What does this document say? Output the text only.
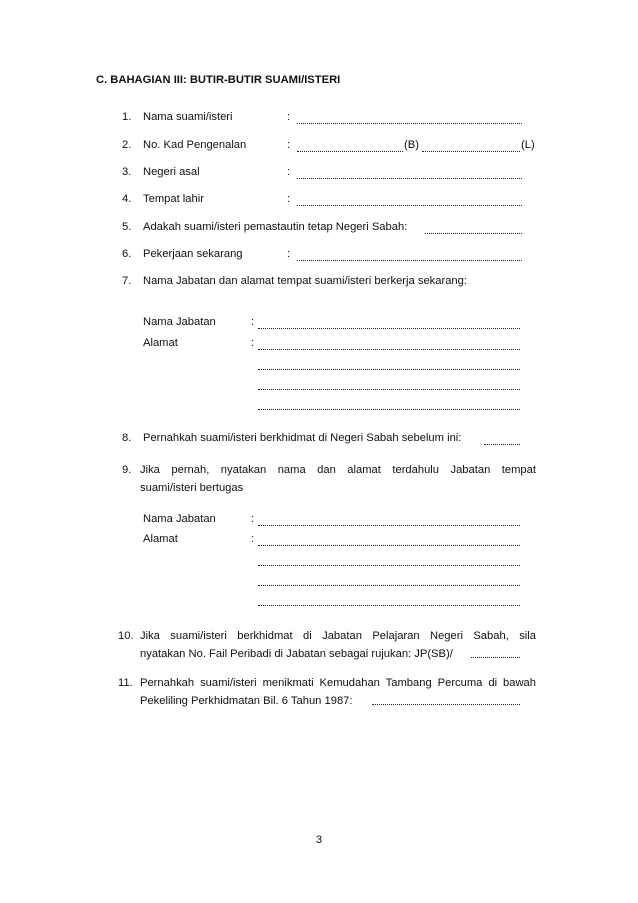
C. BAHAGIAN III: BUTIR-BUTIR SUAMI/ISTERI
1.	Nama suami/isteri	:
2.	No. Kad Pengenalan	:	(B)	(L)
3.	Negeri asal	:
4.	Tempat lahir	:
5.	Adakah suami/isteri pemastautin tetap Negeri Sabah:
6.	Pekerjaan sekarang	:
7.	Nama Jabatan dan alamat tempat suami/isteri berkerja sekarang:
Nama Jabatan	:
Alamat	:
8.	Pernahkah suami/isteri berkhidmat di Negeri Sabah sebelum ini:
9. Jika pernah, nyatakan nama dan alamat terdahulu Jabatan tempat
suami/isteri bertugas
Nama Jabatan	:
Alamat	:
10. Jika suami/isteri berkhidmat di Jabatan Pelajaran Negeri Sabah, sila
nyatakan No. Fail Peribadi di Jabatan sebagai rujukan: JP(SB)/
11. Pernahkah suami/isteri menikmati Kemudahan Tambang Percuma di bawah
Pekeliling Perkhidmatan Bil. 6 Tahun 1987:
3
